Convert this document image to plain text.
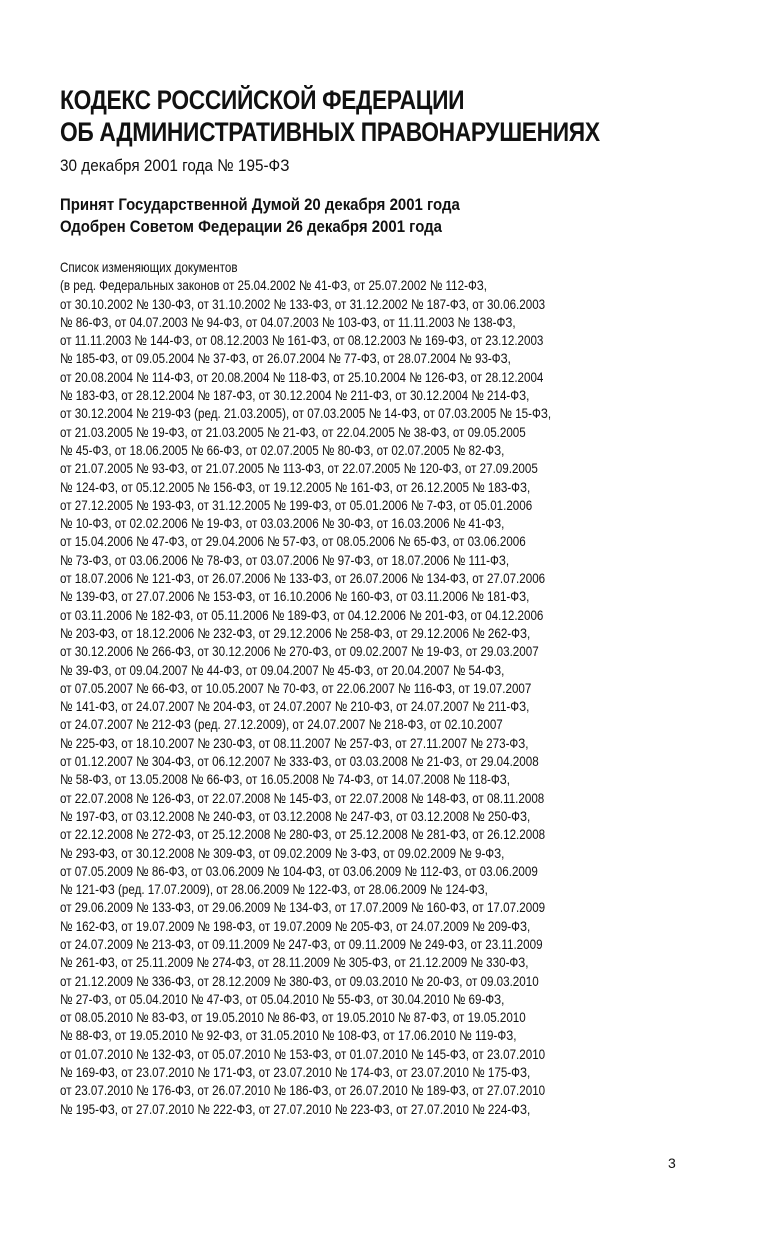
КОДЕКС РОССИЙСКОЙ ФЕДЕРАЦИИ
ОБ АДМИНИСТРАТИВНЫХ ПРАВОНАРУШЕНИЯХ

30 декабря 2001 года № 195-ФЗ

Принят Государственной Думой 20 декабря 2001 года
Одобрен Советом Федерации 26 декабря 2001 года
Список изменяющих документов
(в ред. Федеральных законов от 25.04.2002 № 41-ФЗ, от 25.07.2002 № 112-ФЗ,
от 30.10.2002 № 130-ФЗ, от 31.10.2002 № 133-ФЗ, от 31.12.2002 № 187-ФЗ, от 30.06.2003
№ 86-ФЗ, от 04.07.2003 № 94-ФЗ, от 04.07.2003 № 103-ФЗ, от 11.11.2003 № 138-ФЗ,
от 11.11.2003 № 144-ФЗ, от 08.12.2003 № 161-ФЗ, от 08.12.2003 № 169-ФЗ, от 23.12.2003
№ 185-ФЗ, от 09.05.2004 № 37-ФЗ, от 26.07.2004 № 77-ФЗ, от 28.07.2004 № 93-ФЗ,
от 20.08.2004 № 114-ФЗ, от 20.08.2004 № 118-ФЗ, от 25.10.2004 № 126-ФЗ, от 28.12.2004
№ 183-ФЗ, от 28.12.2004 № 187-ФЗ, от 30.12.2004 № 211-ФЗ, от 30.12.2004 № 214-ФЗ,
от 30.12.2004 № 219-ФЗ (ред. 21.03.2005), от 07.03.2005 № 14-ФЗ, от 07.03.2005 № 15-ФЗ,
от 21.03.2005 № 19-ФЗ, от 21.03.2005 № 21-ФЗ, от 22.04.2005 № 38-ФЗ, от 09.05.2005
№ 45-ФЗ, от 18.06.2005 № 66-ФЗ, от 02.07.2005 № 80-ФЗ, от 02.07.2005 № 82-ФЗ,
от 21.07.2005 № 93-ФЗ, от 21.07.2005 № 113-ФЗ, от 22.07.2005 № 120-ФЗ, от 27.09.2005
№ 124-ФЗ, от 05.12.2005 № 156-ФЗ, от 19.12.2005 № 161-ФЗ, от 26.12.2005 № 183-ФЗ,
от 27.12.2005 № 193-ФЗ, от 31.12.2005 № 199-ФЗ, от 05.01.2006 № 7-ФЗ, от 05.01.2006
№ 10-ФЗ, от 02.02.2006 № 19-ФЗ, от 03.03.2006 № 30-ФЗ, от 16.03.2006 № 41-ФЗ,
от 15.04.2006 № 47-ФЗ, от 29.04.2006 № 57-ФЗ, от 08.05.2006 № 65-ФЗ, от 03.06.2006
№ 73-ФЗ, от 03.06.2006 № 78-ФЗ, от 03.07.2006 № 97-ФЗ, от 18.07.2006 № 111-ФЗ,
от 18.07.2006 № 121-ФЗ, от 26.07.2006 № 133-ФЗ, от 26.07.2006 № 134-ФЗ, от 27.07.2006
№ 139-ФЗ, от 27.07.2006 № 153-ФЗ, от 16.10.2006 № 160-ФЗ, от 03.11.2006 № 181-ФЗ,
от 03.11.2006 № 182-ФЗ, от 05.11.2006 № 189-ФЗ, от 04.12.2006 № 201-ФЗ, от 04.12.2006
№ 203-ФЗ, от 18.12.2006 № 232-ФЗ, от 29.12.2006 № 258-ФЗ, от 29.12.2006 № 262-ФЗ,
от 30.12.2006 № 266-ФЗ, от 30.12.2006 № 270-ФЗ, от 09.02.2007 № 19-ФЗ, от 29.03.2007
№ 39-ФЗ, от 09.04.2007 № 44-ФЗ, от 09.04.2007 № 45-ФЗ, от 20.04.2007 № 54-ФЗ,
от 07.05.2007 № 66-ФЗ, от 10.05.2007 № 70-ФЗ, от 22.06.2007 № 116-ФЗ, от 19.07.2007
№ 141-ФЗ, от 24.07.2007 № 204-ФЗ, от 24.07.2007 № 210-ФЗ, от 24.07.2007 № 211-ФЗ,
от 24.07.2007 № 212-ФЗ (ред. 27.12.2009), от 24.07.2007 № 218-ФЗ, от 02.10.2007
№ 225-ФЗ, от 18.10.2007 № 230-ФЗ, от 08.11.2007 № 257-ФЗ, от 27.11.2007 № 273-ФЗ,
от 01.12.2007 № 304-ФЗ, от 06.12.2007 № 333-ФЗ, от 03.03.2008 № 21-ФЗ, от 29.04.2008
№ 58-ФЗ, от 13.05.2008 № 66-ФЗ, от 16.05.2008 № 74-ФЗ, от 14.07.2008 № 118-ФЗ,
от 22.07.2008 № 126-ФЗ, от 22.07.2008 № 145-ФЗ, от 22.07.2008 № 148-ФЗ, от 08.11.2008
№ 197-ФЗ, от 03.12.2008 № 240-ФЗ, от 03.12.2008 № 247-ФЗ, от 03.12.2008 № 250-ФЗ,
от 22.12.2008 № 272-ФЗ, от 25.12.2008 № 280-ФЗ, от 25.12.2008 № 281-ФЗ, от 26.12.2008
№ 293-ФЗ, от 30.12.2008 № 309-ФЗ, от 09.02.2009 № 3-ФЗ, от 09.02.2009 № 9-ФЗ,
от 07.05.2009 № 86-ФЗ, от 03.06.2009 № 104-ФЗ, от 03.06.2009 № 112-ФЗ, от 03.06.2009
№ 121-ФЗ (ред. 17.07.2009), от 28.06.2009 № 122-ФЗ, от 28.06.2009 № 124-ФЗ,
от 29.06.2009 № 133-ФЗ, от 29.06.2009 № 134-ФЗ, от 17.07.2009 № 160-ФЗ, от 17.07.2009
№ 162-ФЗ, от 19.07.2009 № 198-ФЗ, от 19.07.2009 № 205-ФЗ, от 24.07.2009 № 209-ФЗ,
от 24.07.2009 № 213-ФЗ, от 09.11.2009 № 247-ФЗ, от 09.11.2009 № 249-ФЗ, от 23.11.2009
№ 261-ФЗ, от 25.11.2009 № 274-ФЗ, от 28.11.2009 № 305-ФЗ, от 21.12.2009 № 330-ФЗ,
от 21.12.2009 № 336-ФЗ, от 28.12.2009 № 380-ФЗ, от 09.03.2010 № 20-ФЗ, от 09.03.2010
№ 27-ФЗ, от 05.04.2010 № 47-ФЗ, от 05.04.2010 № 55-ФЗ, от 30.04.2010 № 69-ФЗ,
от 08.05.2010 № 83-ФЗ, от 19.05.2010 № 86-ФЗ, от 19.05.2010 № 87-ФЗ, от 19.05.2010
№ 88-ФЗ, от 19.05.2010 № 92-ФЗ, от 31.05.2010 № 108-ФЗ, от 17.06.2010 № 119-ФЗ,
от 01.07.2010 № 132-ФЗ, от 05.07.2010 № 153-ФЗ, от 01.07.2010 № 145-ФЗ, от 23.07.2010
№ 169-ФЗ, от 23.07.2010 № 171-ФЗ, от 23.07.2010 № 174-ФЗ, от 23.07.2010 № 175-ФЗ,
от 23.07.2010 № 176-ФЗ, от 26.07.2010 № 186-ФЗ, от 26.07.2010 № 189-ФЗ, от 27.07.2010
№ 195-ФЗ, от 27.07.2010 № 222-ФЗ, от 27.07.2010 № 223-ФЗ, от 27.07.2010 № 224-ФЗ,
3
